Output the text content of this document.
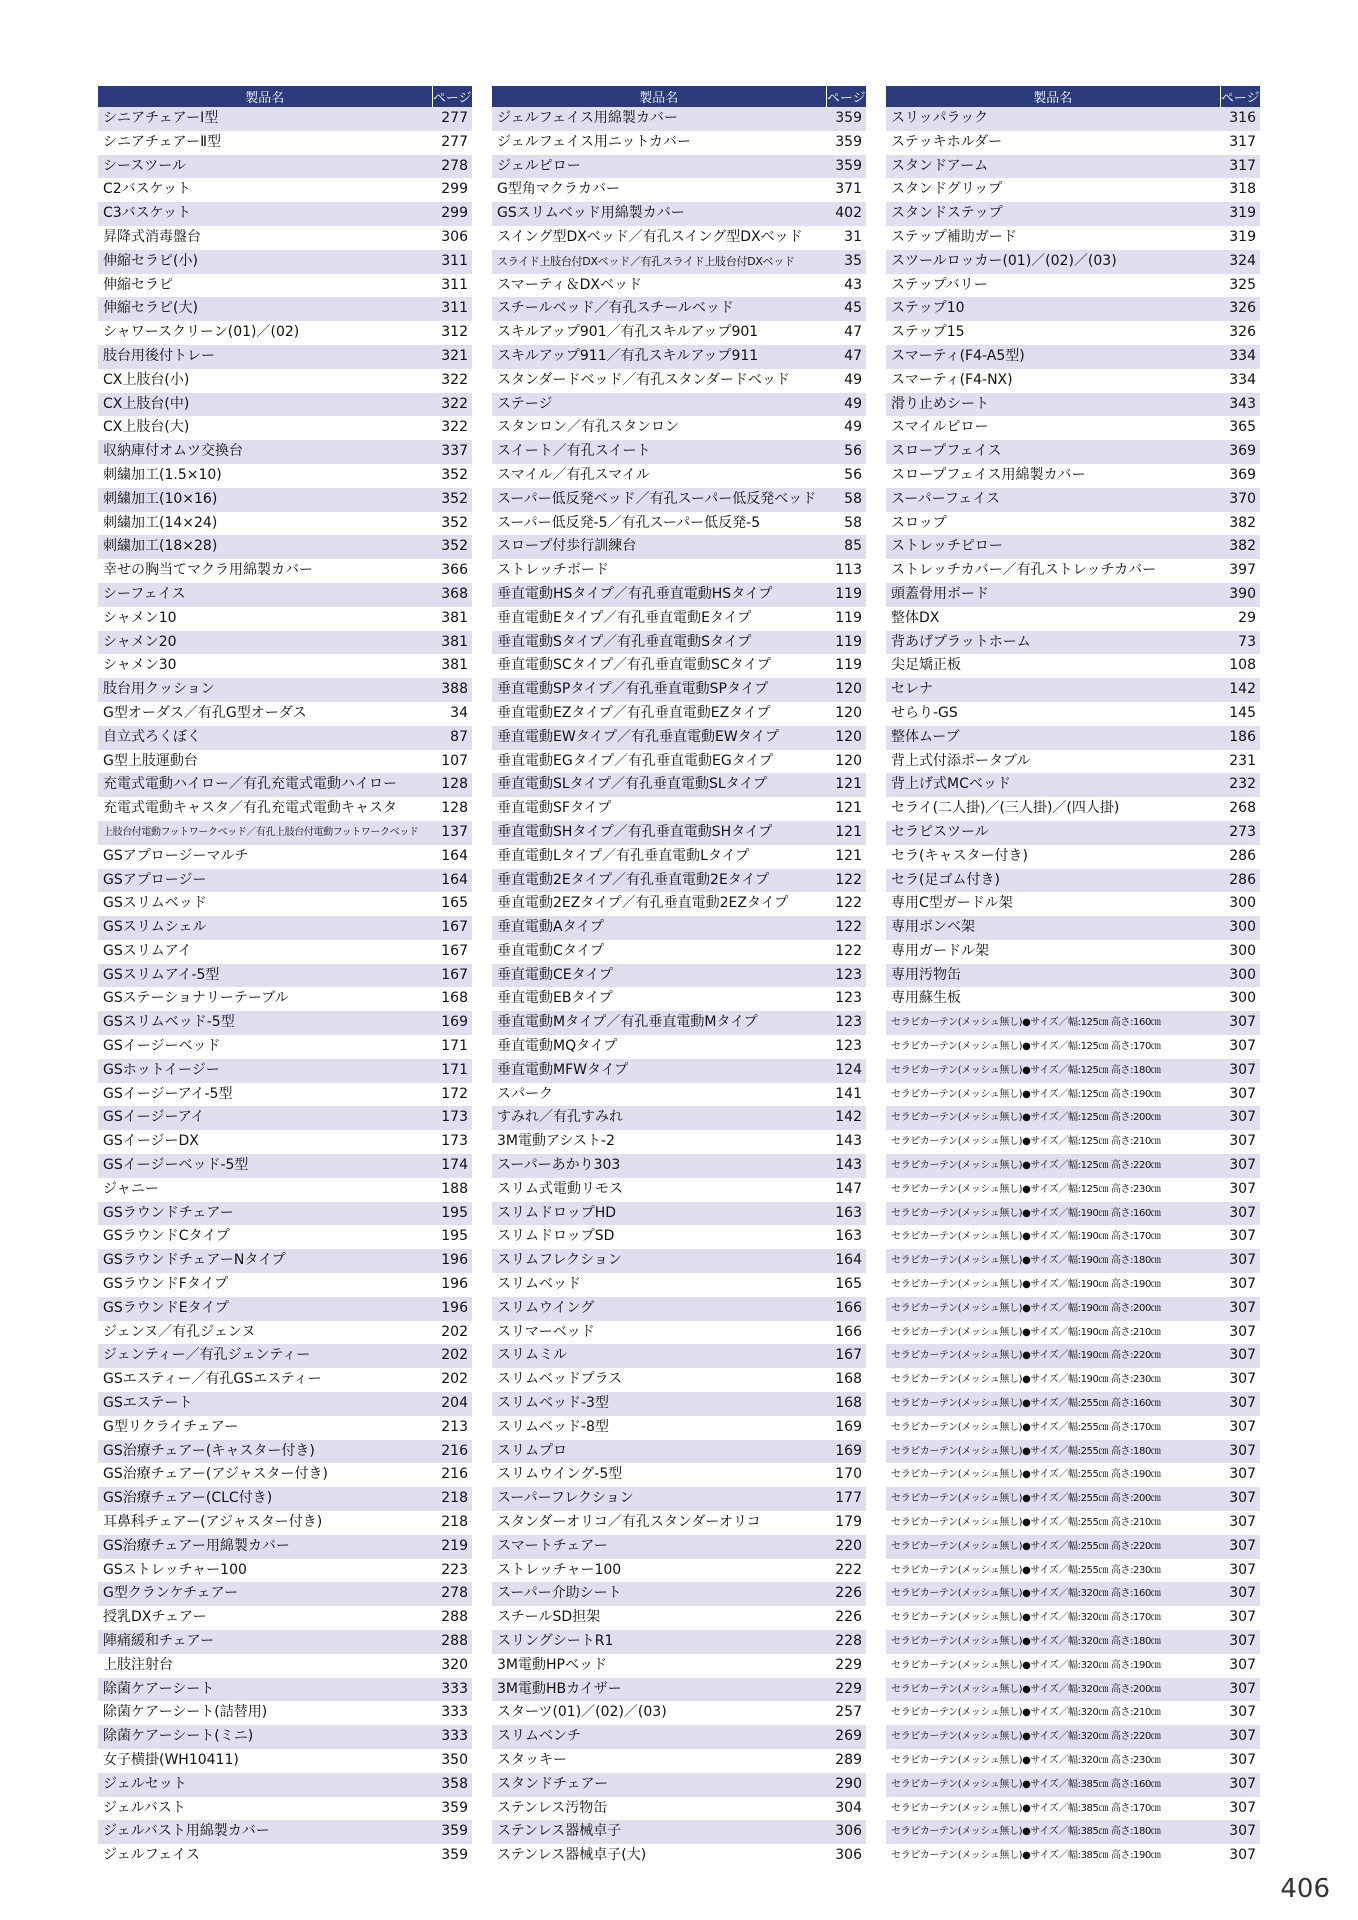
製品名	ページ
シニアチェアーⅠ型	277
シニアチェアーⅡ型	277
シースツール	278
C2バスケット	299
C3バスケット	299
昇降式消毒盤台	306
伸縮セラピ(小)	311
伸縮セラピ	311
伸縮セラピ(大)	311
シャワースクリーン(01)／(02)	312
肢台用後付トレー	321
CX上肢台(小)	322
CX上肢台(中)	322
CX上肢台(大)	322
収納庫付オムツ交換台	337
刺繍加工(1.5×10)	352
刺繍加工(10×16)	352
刺繍加工(14×24)	352
刺繍加工(18×28)	352
幸せの胸当てマクラ用綿製カバー	366
シーフェイス	368
シャメン10	381
シャメン20	381
シャメン30	381
肢台用クッション	388
G型オーダス／有孔G型オーダス	34
自立式ろくぼく	87
G型上肢運動台	107
充電式電動ハイロー／有孔充電式電動ハイロー	128
充電式電動キャスタ／有孔充電式電動キャスタ	128
上肢台付電動フットワークベッド／有孔上肢台付電動フットワークベッド	137
GSアプロージーマルチ	164
GSアプロージー	164
GSスリムベッド	165
GSスリムシェル	167
GSスリムアイ	167
GSスリムアイ-5型	167
GSステーショナリーテーブル	168
GSスリムベッド-5型	169
GSイージーベッド	171
GSホットイージー	171
GSイージーアイ-5型	172
GSイージーアイ	173
GSイージーDX	173
GSイージーベッド-5型	174
ジャニー	188
GSラウンドチェアー	195
GSラウンドCタイプ	195
GSラウンドチェアーNタイプ	196
GSラウンドFタイプ	196
GSラウンドEタイプ	196
ジェンヌ／有孔ジェンヌ	202
ジェンティー／有孔ジェンティー	202
GSエスティー／有孔GSエスティー	202
GSエステート	204
G型リクライチェアー	213
GS治療チェアー(キャスター付き)	216
GS治療チェアー(アジャスター付き)	216
GS治療チェアー(CLC付き)	218
耳鼻科チェアー(アジャスター付き)	218
GS治療チェアー用綿製カバー	219
GSストレッチャー100	223
G型クランケチェアー	278
授乳DXチェアー	288
陣痛緩和チェアー	288
上肢注射台	320
除菌ケアーシート	333
除菌ケアーシート(詰替用)	333
除菌ケアーシート(ミニ)	333
女子横掛(WH10411)	350
ジェルセット	358
ジェルバスト	359
ジェルバスト用綿製カバー	359
ジェルフェイス	359
製品名	ページ
ジェルフェイス用綿製カバー	359
ジェルフェイス用ニットカバー	359
ジェルピロー	359
G型角マクラカバー	371
GSスリムベッド用綿製カバー	402
スイング型DXベッド／有孔スイング型DXベッド	31
スライド上肢台付DXベッド／有孔スライド上肢台付DXベッド	35
スマーティ＆DXベッド	43
スチールベッド／有孔スチールベッド	45
スキルアップ901／有孔スキルアップ901	47
スキルアップ911／有孔スキルアップ911	47
スタンダードベッド／有孔スタンダードベッド	49
ステージ	49
スタンロン／有孔スタンロン	49
スイート／有孔スイート	56
スマイル／有孔スマイル	56
スーパー低反発ベッド／有孔スーパー低反発ベッド	58
スーパー低反発-5／有孔スーパー低反発-5	58
スロープ付歩行訓練台	85
ストレッチボード	113
垂直電動HSタイプ／有孔垂直電動HSタイプ	119
垂直電動Eタイプ／有孔垂直電動Eタイプ	119
垂直電動Sタイプ／有孔垂直電動Sタイプ	119
垂直電動SCタイプ／有孔垂直電動SCタイプ	119
垂直電動SPタイプ／有孔垂直電動SPタイプ	120
垂直電動EZタイプ／有孔垂直電動EZタイプ	120
垂直電動EWタイプ／有孔垂直電動EWタイプ	120
垂直電動EGタイプ／有孔垂直電動EGタイプ	120
垂直電動SLタイプ／有孔垂直電動SLタイプ	121
垂直電動SFタイプ	121
垂直電動SHタイプ／有孔垂直電動SHタイプ	121
垂直電動Lタイプ／有孔垂直電動Lタイプ	121
垂直電動2Eタイプ／有孔垂直電動2Eタイプ	122
垂直電動2EZタイプ／有孔垂直電動2EZタイプ	122
垂直電動Aタイプ	122
垂直電動Cタイプ	122
垂直電動CEタイプ	123
垂直電動EBタイプ	123
垂直電動Mタイプ／有孔垂直電動Mタイプ	123
垂直電動MQタイプ	123
垂直電動MFWタイプ	124
スパーク	141
すみれ／有孔すみれ	142
3M電動アシスト-2	143
スーパーあかり303	143
スリム式電動リモス	147
スリムドロップHD	163
スリムドロップSD	163
スリムフレクション	164
スリムベッド	165
スリムウイング	166
スリマーベッド	166
スリムミル	167
スリムベッドプラス	168
スリムベッド-3型	168
スリムベッド-8型	169
スリムプロ	169
スリムウイング-5型	170
スーパーフレクション	177
スタンダーオリコ／有孔スタンダーオリコ	179
スマートチェアー	220
ストレッチャー100	222
スーパー介助シート	226
スチールSD担架	226
スリングシートR1	228
3M電動HPベッド	229
3M電動HBカイザー	229
スターツ(01)／(02)／(03)	257
スリムベンチ	269
スタッキー	289
スタンドチェアー	290
ステンレス汚物缶	304
ステンレス器械卓子	306
ステンレス器械卓子(大)	306
製品名	ページ
スリッパラック	316
ステッキホルダー	317
スタンドアーム	317
スタンドグリップ	318
スタンドステップ	319
ステップ補助ガード	319
スツールロッカー(01)／(02)／(03)	324
ステップバリー	325
ステップ10	326
ステップ15	326
スマーティ(F4-A5型)	334
スマーティ(F4-NX)	334
滑り止めシート	343
スマイルピロー	365
スロープフェイス	369
スロープフェイス用綿製カバー	369
スーパーフェイス	370
スロップ	382
ストレッチピロー	382
ストレッチカバー／有孔ストレッチカバー	397
頭蓋骨用ボード	390
整体DX	29
背あげプラットホーム	73
尖足矯正板	108
セレナ	142
せらり-GS	145
整体ムーブ	186
背上式付添ポータブル	231
背上げ式MCベッド	232
セライ(二人掛)／(三人掛)／(四人掛)	268
セラピスツール	273
セラ(キャスター付き)	286
セラ(足ゴム付き)	286
専用C型ガードル架	300
専用ボンベ架	300
専用ガードル架	300
専用汚物缶	300
専用蘇生板	300
セラピカーテン(メッシュ無し)●サイズ／幅:125㎝ 高さ:160㎝	307
セラピカーテン(メッシュ無し)●サイズ／幅:125㎝ 高さ:170㎝	307
セラピカーテン(メッシュ無し)●サイズ／幅:125㎝ 高さ:180㎝	307
セラピカーテン(メッシュ無し)●サイズ／幅:125㎝ 高さ:190㎝	307
セラピカーテン(メッシュ無し)●サイズ／幅:125㎝ 高さ:200㎝	307
セラピカーテン(メッシュ無し)●サイズ／幅:125㎝ 高さ:210㎝	307
セラピカーテン(メッシュ無し)●サイズ／幅:125㎝ 高さ:220㎝	307
セラピカーテン(メッシュ無し)●サイズ／幅:125㎝ 高さ:230㎝	307
セラピカーテン(メッシュ無し)●サイズ／幅:190㎝ 高さ:160㎝	307
セラピカーテン(メッシュ無し)●サイズ／幅:190㎝ 高さ:170㎝	307
セラピカーテン(メッシュ無し)●サイズ／幅:190㎝ 高さ:180㎝	307
セラピカーテン(メッシュ無し)●サイズ／幅:190㎝ 高さ:190㎝	307
セラピカーテン(メッシュ無し)●サイズ／幅:190㎝ 高さ:200㎝	307
セラピカーテン(メッシュ無し)●サイズ／幅:190㎝ 高さ:210㎝	307
セラピカーテン(メッシュ無し)●サイズ／幅:190㎝ 高さ:220㎝	307
セラピカーテン(メッシュ無し)●サイズ／幅:190㎝ 高さ:230㎝	307
セラピカーテン(メッシュ無し)●サイズ／幅:255㎝ 高さ:160㎝	307
セラピカーテン(メッシュ無し)●サイズ／幅:255㎝ 高さ:170㎝	307
セラピカーテン(メッシュ無し)●サイズ／幅:255㎝ 高さ:180㎝	307
セラピカーテン(メッシュ無し)●サイズ／幅:255㎝ 高さ:190㎝	307
セラピカーテン(メッシュ無し)●サイズ／幅:255㎝ 高さ:200㎝	307
セラピカーテン(メッシュ無し)●サイズ／幅:255㎝ 高さ:210㎝	307
セラピカーテン(メッシュ無し)●サイズ／幅:255㎝ 高さ:220㎝	307
セラピカーテン(メッシュ無し)●サイズ／幅:255㎝ 高さ:230㎝	307
セラピカーテン(メッシュ無し)●サイズ／幅:320㎝ 高さ:160㎝	307
セラピカーテン(メッシュ無し)●サイズ／幅:320㎝ 高さ:170㎝	307
セラピカーテン(メッシュ無し)●サイズ／幅:320㎝ 高さ:180㎝	307
セラピカーテン(メッシュ無し)●サイズ／幅:320㎝ 高さ:190㎝	307
セラピカーテン(メッシュ無し)●サイズ／幅:320㎝ 高さ:200㎝	307
セラピカーテン(メッシュ無し)●サイズ／幅:320㎝ 高さ:210㎝	307
セラピカーテン(メッシュ無し)●サイズ／幅:320㎝ 高さ:220㎝	307
セラピカーテン(メッシュ無し)●サイズ／幅:320㎝ 高さ:230㎝	307
セラピカーテン(メッシュ無し)●サイズ／幅:385㎝ 高さ:160㎝	307
セラピカーテン(メッシュ無し)●サイズ／幅:385㎝ 高さ:170㎝	307
セラピカーテン(メッシュ無し)●サイズ／幅:385㎝ 高さ:180㎝	307
セラピカーテン(メッシュ無し)●サイズ／幅:385㎝ 高さ:190㎝	307
406
